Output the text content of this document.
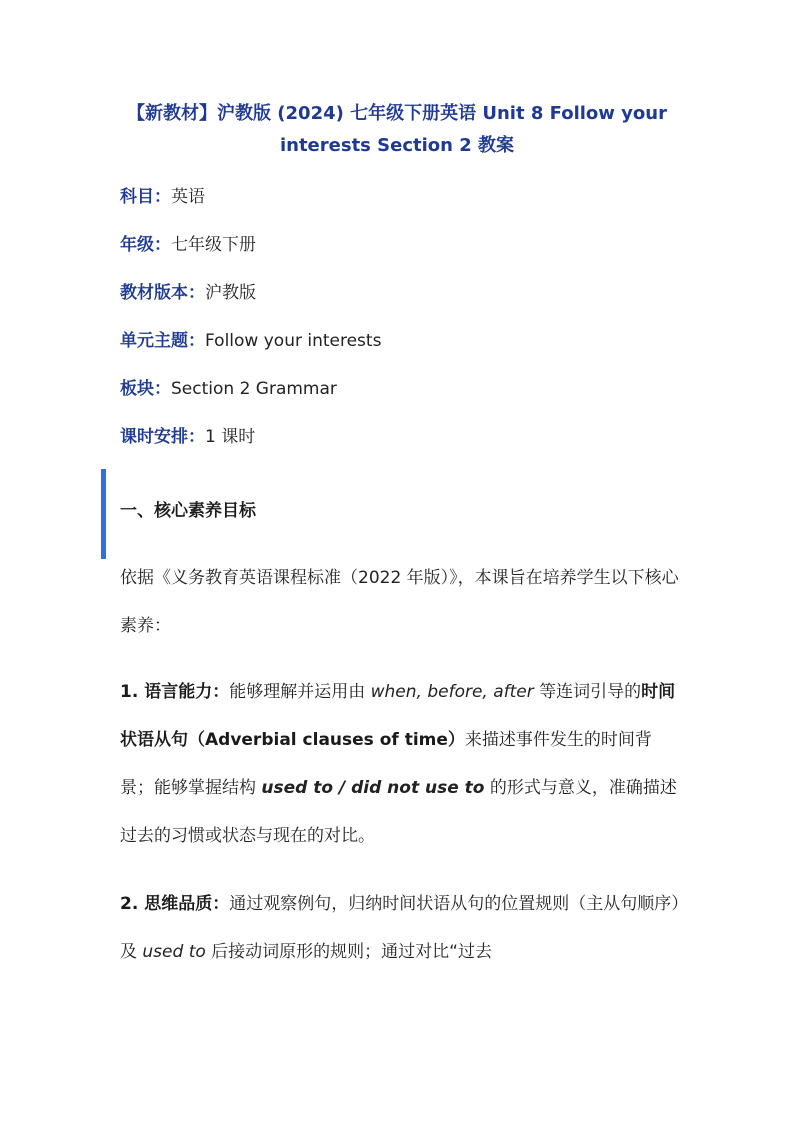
【新教材】沪教版 (2024) 七年级下册英语 Unit 8 Follow your interests Section 2 教案
科目：英语
年级：七年级下册
教材版本：沪教版
单元主题：Follow your interests
板块：Section 2 Grammar
课时安排：1 课时
一、核心素养目标
依据《义务教育英语课程标准（2022 年版）》，本课旨在培养学生以下核心素养：
1. 语言能力：能够理解并运用由 when, before, after 等连词引导的时间状语从句（Adverbial clauses of time）来描述事件发生的时间背景；能够掌握结构 used to / did not use to 的形式与意义，准确描述过去的习惯或状态与现在的对比。
2. 思维品质：通过观察例句，归纳时间状语从句的位置规则（主从句顺序）及 used to 后接动词原形的规则；通过对比“过去
